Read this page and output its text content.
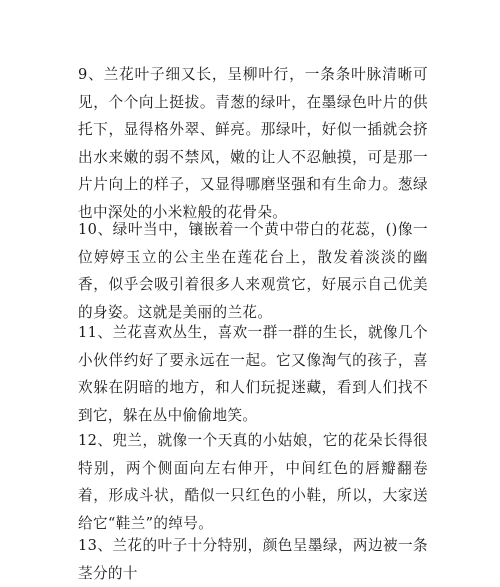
9、兰花叶子细又长，呈柳叶行，一条条叶脉清晰可见，个个向上挺拔。青葱的绿叶，在墨绿色叶片的供托下，显得格外翠、鲜亮。那绿叶，好似一插就会挤出水来嫩的弱不禁风，嫩的让人不忍触摸，可是那一片片向上的样子，又显得哪磨坚强和有生命力。葱绿也中深处的小米粒般的花骨朵。

10、绿叶当中，镶嵌着一个黄中带白的花蕊，()像一位婷婷玉立的公主坐在莲花台上，散发着淡淡的幽香，似乎会吸引着很多人来观赏它，好展示自己优美的身姿。这就是美丽的兰花。

11、兰花喜欢丛生，喜欢一群一群的生长，就像几个小伙伴约好了要永远在一起。它又像淘气的孩子，喜欢躲在阴暗的地方，和人们玩捉迷藏，看到人们找不到它，躲在丛中偷偷地笑。

12、兜兰，就像一个天真的小姑娘，它的花朵长得很特别，两个侧面向左右伸开，中间红色的唇瓣翻卷着，形成斗状，酷似一只红色的小鞋，所以，大家送给它“鞋兰”的绰号。

13、兰花的叶子十分特别，颜色呈墨绿，两边被一条茎分的十
